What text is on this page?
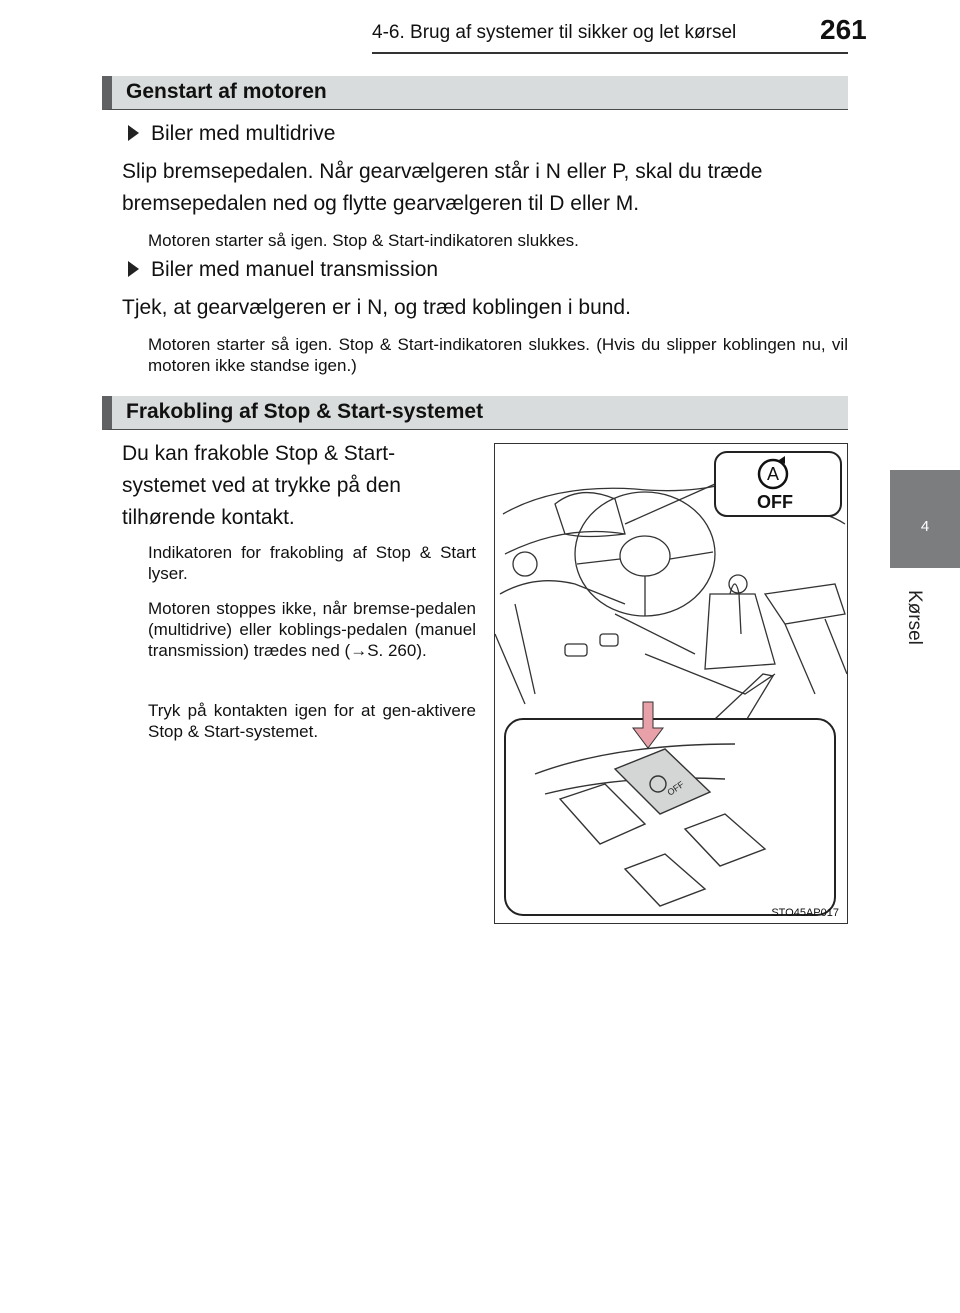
4-6. Brug af systemer til sikker og let kørsel	261
4
Kørsel
Genstart af motoren
Biler med multidrive
Slip bremsepedalen. Når gearvælgeren står i N eller P, skal du træde bremsepedalen ned og flytte gearvælgeren til D eller M.
Motoren starter så igen. Stop & Start-indikatoren slukkes.
Biler med manuel transmission
Tjek, at gearvælgeren er i N, og træd koblingen i bund.
Motoren starter så igen. Stop & Start-indikatoren slukkes. (Hvis du slipper koblingen nu, vil motoren ikke standse igen.)
Frakobling af Stop & Start-systemet
Du kan frakoble Stop & Start-systemet ved at trykke på den tilhørende kontakt.
Indikatoren for frakobling af Stop & Start lyser.
Motoren stoppes ikke, når bremse-pedalen (multidrive) eller koblings-pedalen (manuel transmission) trædes ned (→S. 260).
Tryk på kontakten igen for at gen-aktivere Stop & Start-systemet.
A
OFF
OFF
STO45AP017
